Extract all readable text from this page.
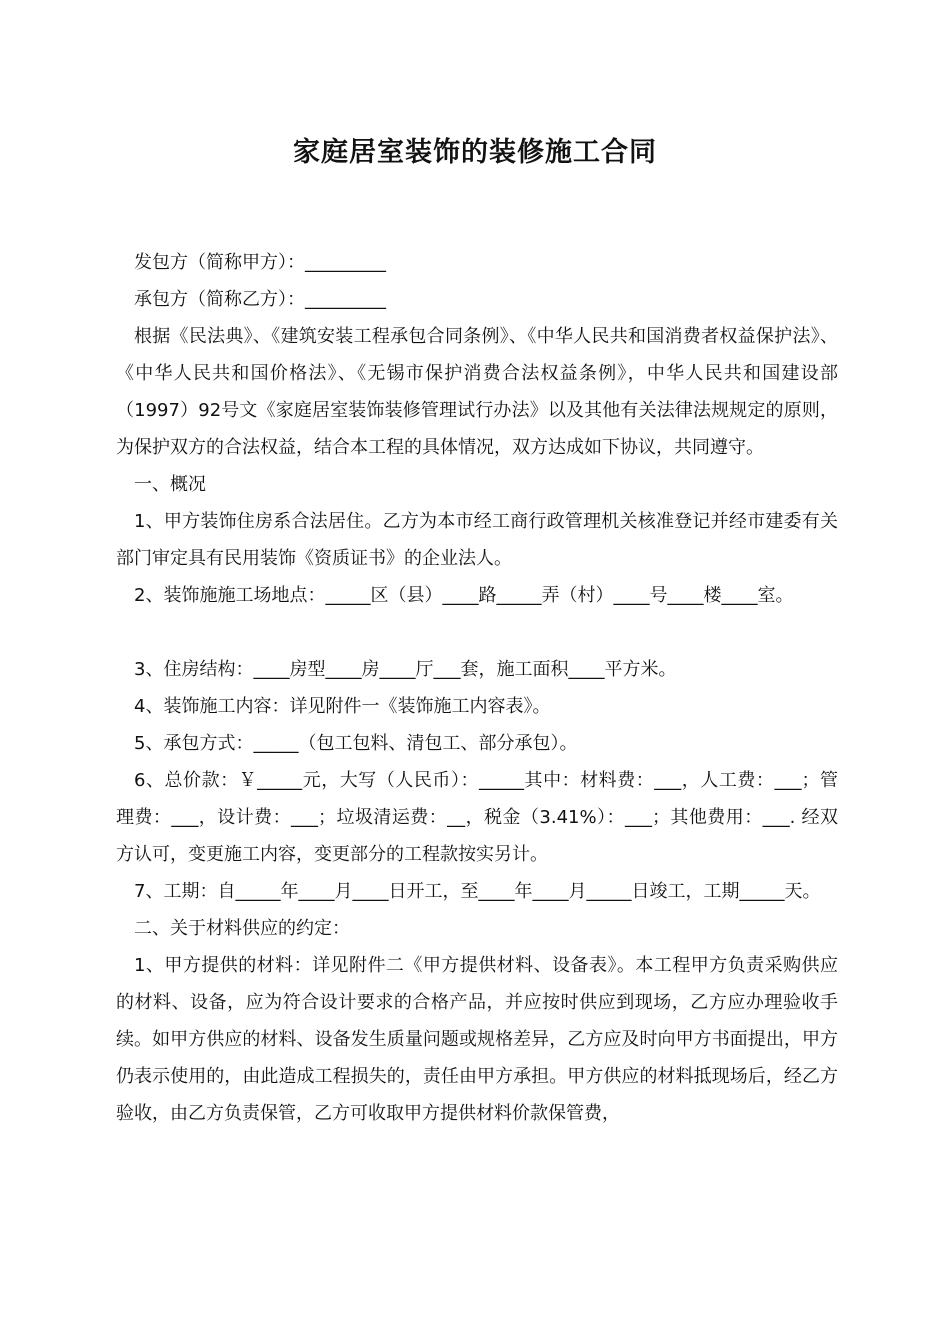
家庭居室装饰的装修施工合同

发包方（简称甲方）：_________

承包方（简称乙方）：_________

根据《民法典》、《建筑安装工程承包合同条例》、《中华人民共和国消费者权益保护法》、《中华人民共和国价格法》、《无锡市保护消费合法权益条例》，中华人民共和国建设部（1997）92号文《家庭居室装饰装修管理试行办法》以及其他有关法律法规规定的原则，为保护双方的合法权益，结合本工程的具体情况，双方达成如下协议，共同遵守。

一、概况

1、甲方装饰住房系合法居住。乙方为本市经工商行政管理机关核准登记并经市建委有关部门审定具有民用装饰《资质证书》的企业法人。

2、装饰施施工场地点：_____区（县）____路_____弄（村）____号____楼____室。

3、住房结构：____房型____房____厅___套，施工面积____平方米。

4、装饰施工内容：详见附件一《装饰施工内容表》。

5、承包方式：_____（包工包料、清包工、部分承包）。

6、总价款：￥_____元，大写（人民币）：_____其中：材料费：___，人工费：___；管理费：___，设计费：___；垃圾清运费：__，税金（3.41%）：___；其他费用：___. 经双方认可，变更施工内容，变更部分的工程款按实另计。

7、工期：自_____年____月____日开工，至____年____月_____日竣工，工期_____天。

二、关于材料供应的约定：

1、甲方提供的材料：详见附件二《甲方提供材料、设备表》。本工程甲方负责采购供应的材料、设备，应为符合设计要求的合格产品，并应按时供应到现场，乙方应办理验收手续。如甲方供应的材料、设备发生质量问题或规格差异，乙方应及时向甲方书面提出，甲方仍表示使用的，由此造成工程损失的，责任由甲方承担。甲方供应的材料抵现场后，经乙方验收，由乙方负责保管，乙方可收取甲方提供材料价款保管费，
